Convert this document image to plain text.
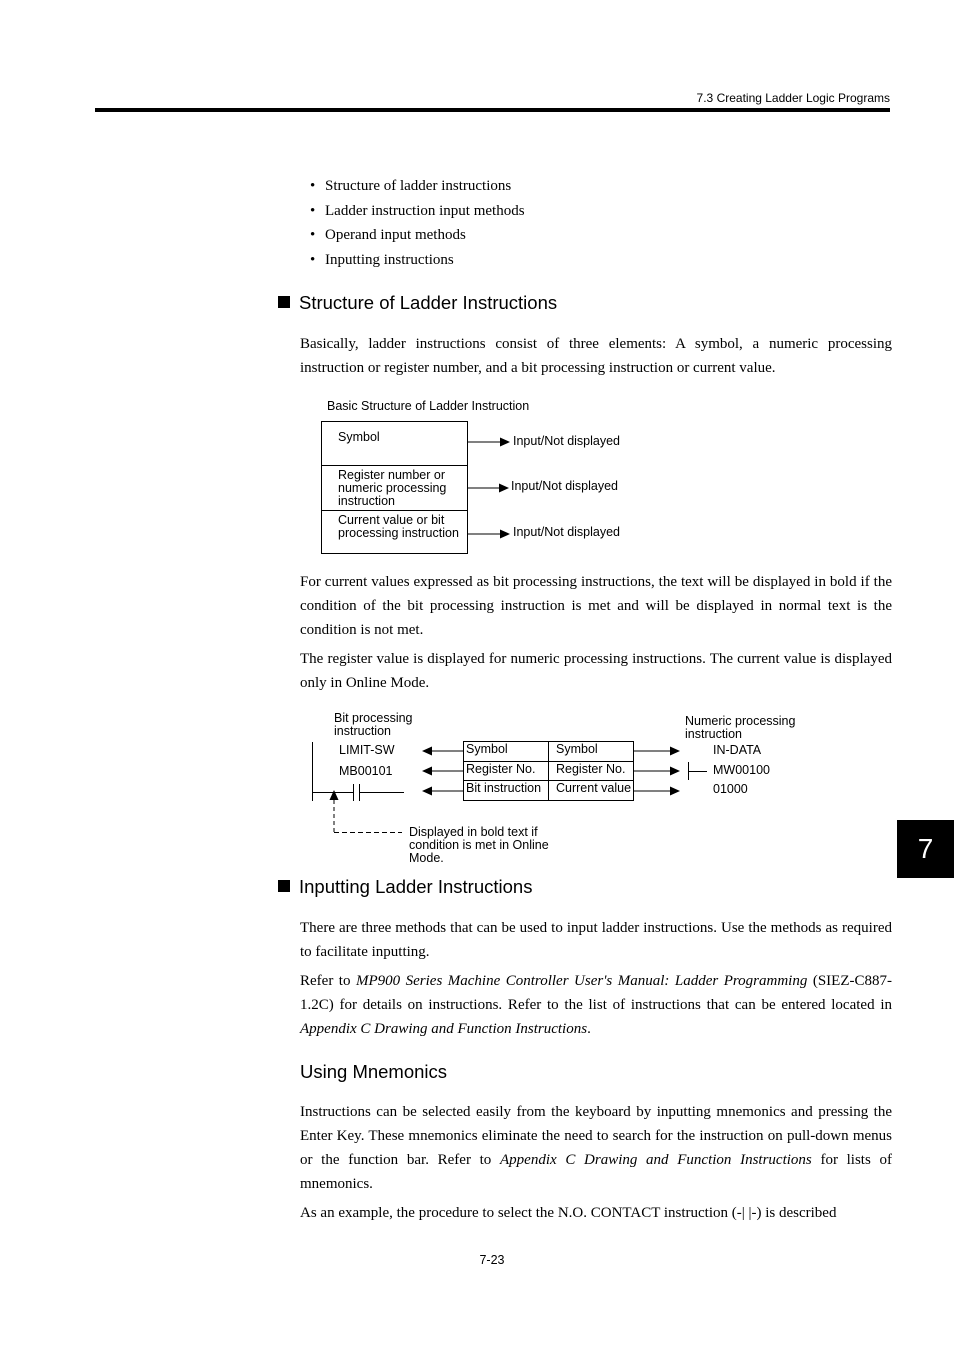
7.3 Creating Ladder Logic Programs
• Structure of ladder instructions
• Ladder instruction input methods
• Operand input methods
• Inputting instructions
Structure of Ladder Instructions

Basically, ladder instructions consist of three elements: A symbol, a numeric processing instruction or register number, and a bit processing instruction or current value.

Basic Structure of Ladder Instruction
Symbol
Register number or numeric processing instruction
Current value or bit processing instruction
Input/Not displayed
Input/Not displayed
Input/Not displayed

For current values expressed as bit processing instructions, the text will be displayed in bold if the condition of the bit processing instruction is met and will be displayed in normal text is the condition is not met.

The register value is displayed for numeric processing instructions. The current value is displayed only in Online Mode.

Bit processing instruction
LIMIT-SW
MB00101
Symbol
Register No.
Bit instruction
Symbol
Register No.
Current value
Numeric processing instruction
IN-DATA
MW00100
01000
Displayed in bold text if condition is met in Online Mode.	7
Inputting Ladder Instructions

There are three methods that can be used to input ladder instructions. Use the methods as required to facilitate inputting.

Refer to MP900 Series Machine Controller User's Manual: Ladder Programming (SIEZ-C887-1.2C) for details on instructions. Refer to the list of instructions that can be entered located in Appendix C Drawing and Function Instructions.

Using Mnemonics

Instructions can be selected easily from the keyboard by inputting mnemonics and pressing the Enter Key. These mnemonics eliminate the need to search for the instruction on pull-down menus or the function bar. Refer to Appendix C Drawing and Function Instructions for lists of mnemonics.

As an example, the procedure to select the N.O. CONTACT instruction (-| |-) is described

7-23
